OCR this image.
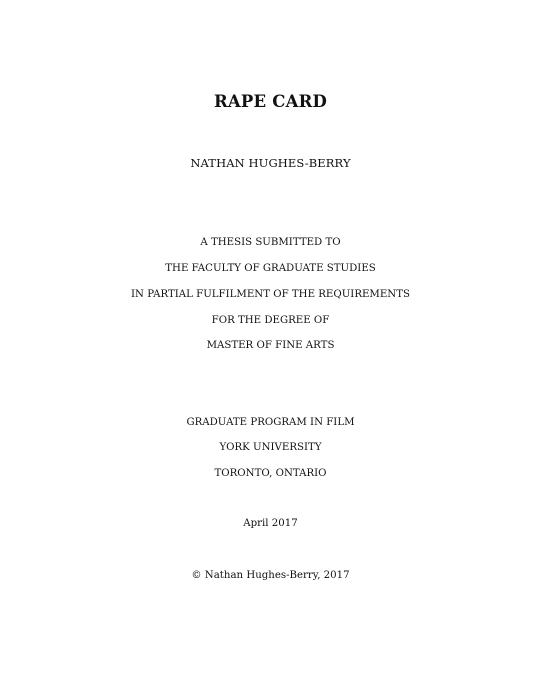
RAPE CARD
NATHAN HUGHES-BERRY
A THESIS SUBMITTED TO
THE FACULTY OF GRADUATE STUDIES
IN PARTIAL FULFILMENT OF THE REQUIREMENTS
FOR THE DEGREE OF
MASTER OF FINE ARTS
GRADUATE PROGRAM IN FILM
YORK UNIVERSITY
TORONTO, ONTARIO
April 2017
© Nathan Hughes-Berry, 2017
